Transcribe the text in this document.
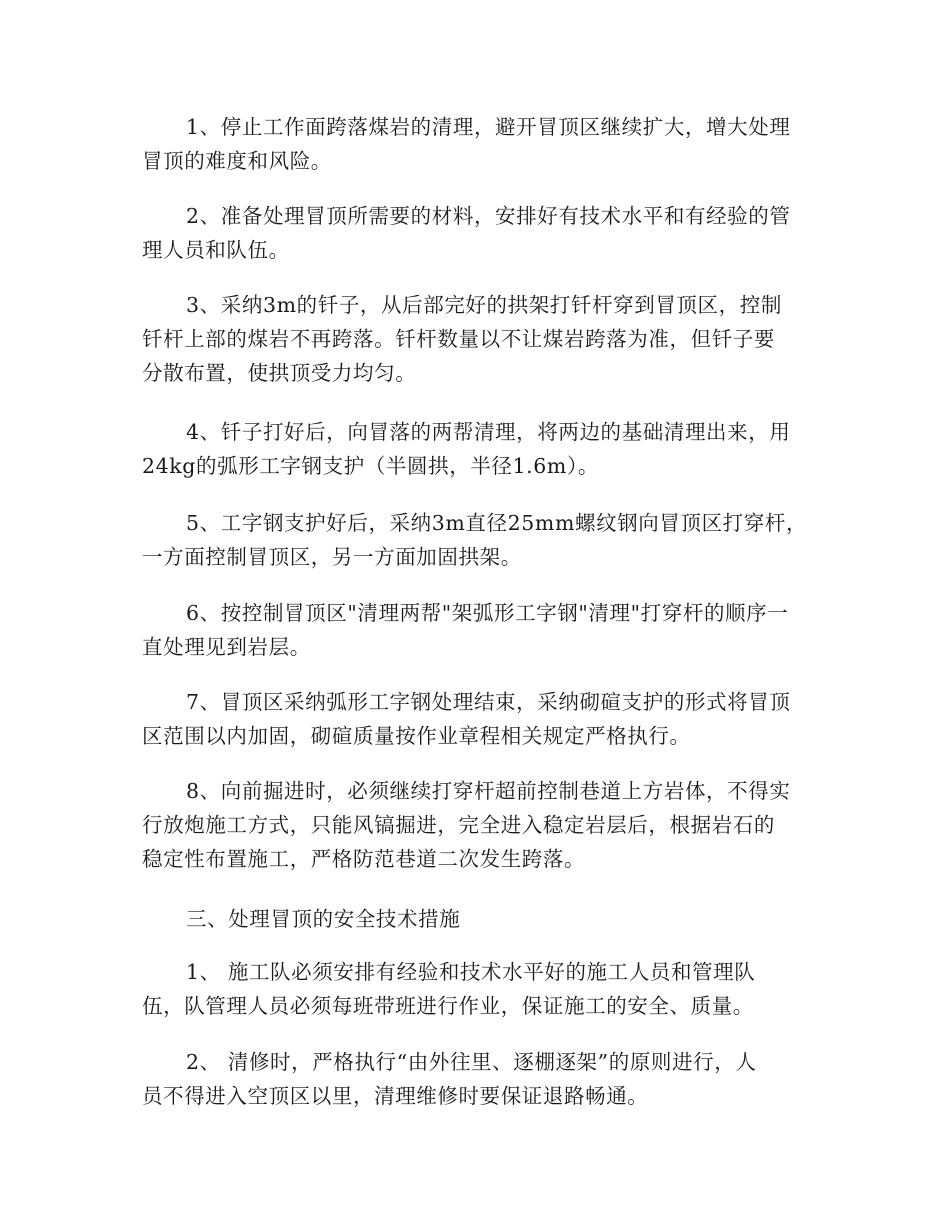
1、停止工作面跨落煤岩的清理，避开冒顶区继续扩大，增大处理
冒顶的难度和风险。

2、准备处理冒顶所需要的材料，安排好有技术水平和有经验的管
理人员和队伍。

3、采纳3m的钎子，从后部完好的拱架打钎杆穿到冒顶区，控制
钎杆上部的煤岩不再跨落。钎杆数量以不让煤岩跨落为准，但钎子要
分散布置，使拱顶受力均匀。

4、钎子打好后，向冒落的两帮清理，将两边的基础清理出来，用
24kg的弧形工字钢支护（半圆拱，半径1.6m）。

5、工字钢支护好后，采纳3m直径25mm螺纹钢向冒顶区打穿杆，
一方面控制冒顶区，另一方面加固拱架。

6、按控制冒顶区"清理两帮"架弧形工字钢"清理"打穿杆的顺序一
直处理见到岩层。

7、冒顶区采纳弧形工字钢处理结束，采纳砌碹支护的形式将冒顶
区范围以内加固，砌碹质量按作业章程相关规定严格执行。

8、向前掘进时，必须继续打穿杆超前控制巷道上方岩体，不得实
行放炮施工方式，只能风镐掘进，完全进入稳定岩层后，根据岩石的
稳定性布置施工，严格防范巷道二次发生跨落。

三、处理冒顶的安全技术措施

1、 施工队必须安排有经验和技术水平好的施工人员和管理队
伍，队管理人员必须每班带班进行作业，保证施工的安全、质量。

2、 清修时，严格执行“由外往里、逐棚逐架”的原则进行，人
员不得进入空顶区以里，清理维修时要保证退路畅通。
